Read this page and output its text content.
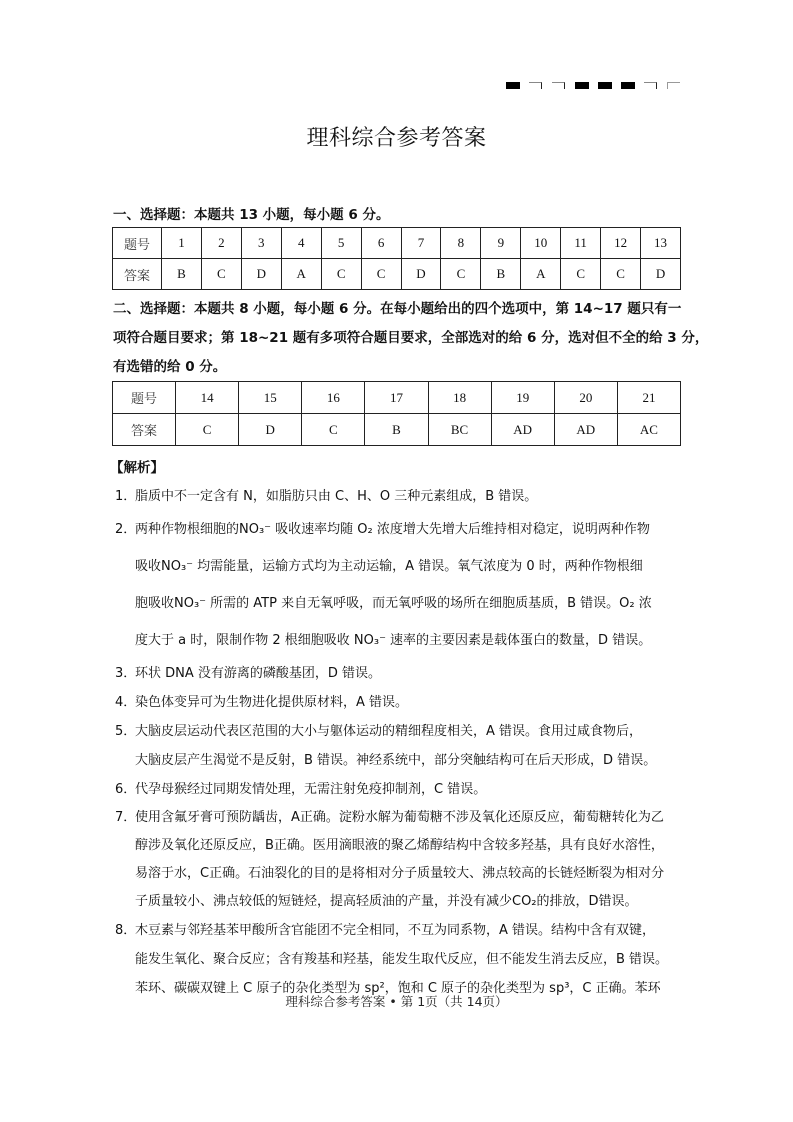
理科综合参考答案
一、选择题：本题共 13 小题，每小题 6 分。
题号	1	2	3	4	5	6	7	8	9	10	11	12	13
答案	B	C	D	A	C	C	D	C	B	A	C	C	D
二、选择题：本题共 8 小题，每小题 6 分。在每小题给出的四个选项中，第 14~17 题只有一
项符合题目要求；第 18~21 题有多项符合题目要求，全部选对的给 6 分，选对但不全的给 3 分，
有选错的给 0 分。
题号	14	15	16	17	18	19	20	21
答案	C	D	C	B	BC	AD	AD	AC
【解析】
1．
脂质中不一定含有 N，如脂肪只由 C、H、O 三种元素组成，B 错误。
2．
两种作物根细胞的NO₃⁻ 吸收速率均随 O₂ 浓度增大先增大后维持相对稳定，说明两种作物
吸收NO₃⁻ 均需能量，运输方式均为主动运输，A 错误。氧气浓度为 0 时，两种作物根细
胞吸收NO₃⁻ 所需的 ATP 来自无氧呼吸，而无氧呼吸的场所在细胞质基质，B 错误。O₂ 浓
度大于 a 时，限制作物 2 根细胞吸收 NO₃⁻ 速率的主要因素是载体蛋白的数量，D 错误。
3．
环状 DNA 没有游离的磷酸基团，D 错误。
4．
染色体变异可为生物进化提供原材料，A 错误。
5．
大脑皮层运动代表区范围的大小与躯体运动的精细程度相关，A 错误。食用过咸食物后，
大脑皮层产生渴觉不是反射，B 错误。神经系统中，部分突触结构可在后天形成，D 错误。
6．
代孕母猴经过同期发情处理，无需注射免疫抑制剂，C 错误。
7．
使用含氟牙膏可预防龋齿，A正确。淀粉水解为葡萄糖不涉及氧化还原反应，葡萄糖转化为乙
醇涉及氧化还原反应，B正确。医用滴眼液的聚乙烯醇结构中含较多羟基，具有良好水溶性，
易溶于水，C正确。石油裂化的目的是将相对分子质量较大、沸点较高的长链烃断裂为相对分
子质量较小、沸点较低的短链烃，提高轻质油的产量，并没有减少CO₂的排放，D错误。
8．
木豆素与邻羟基苯甲酸所含官能团不完全相同，不互为同系物，A 错误。结构中含有双键，
能发生氧化、聚合反应；含有羧基和羟基，能发生取代反应，但不能发生消去反应，B 错误。
苯环、碳碳双键上 C 原子的杂化类型为 sp²，饱和 C 原子的杂化类型为 sp³，C 正确。苯环
理科综合参考答案 • 第 1页（共 14页）
